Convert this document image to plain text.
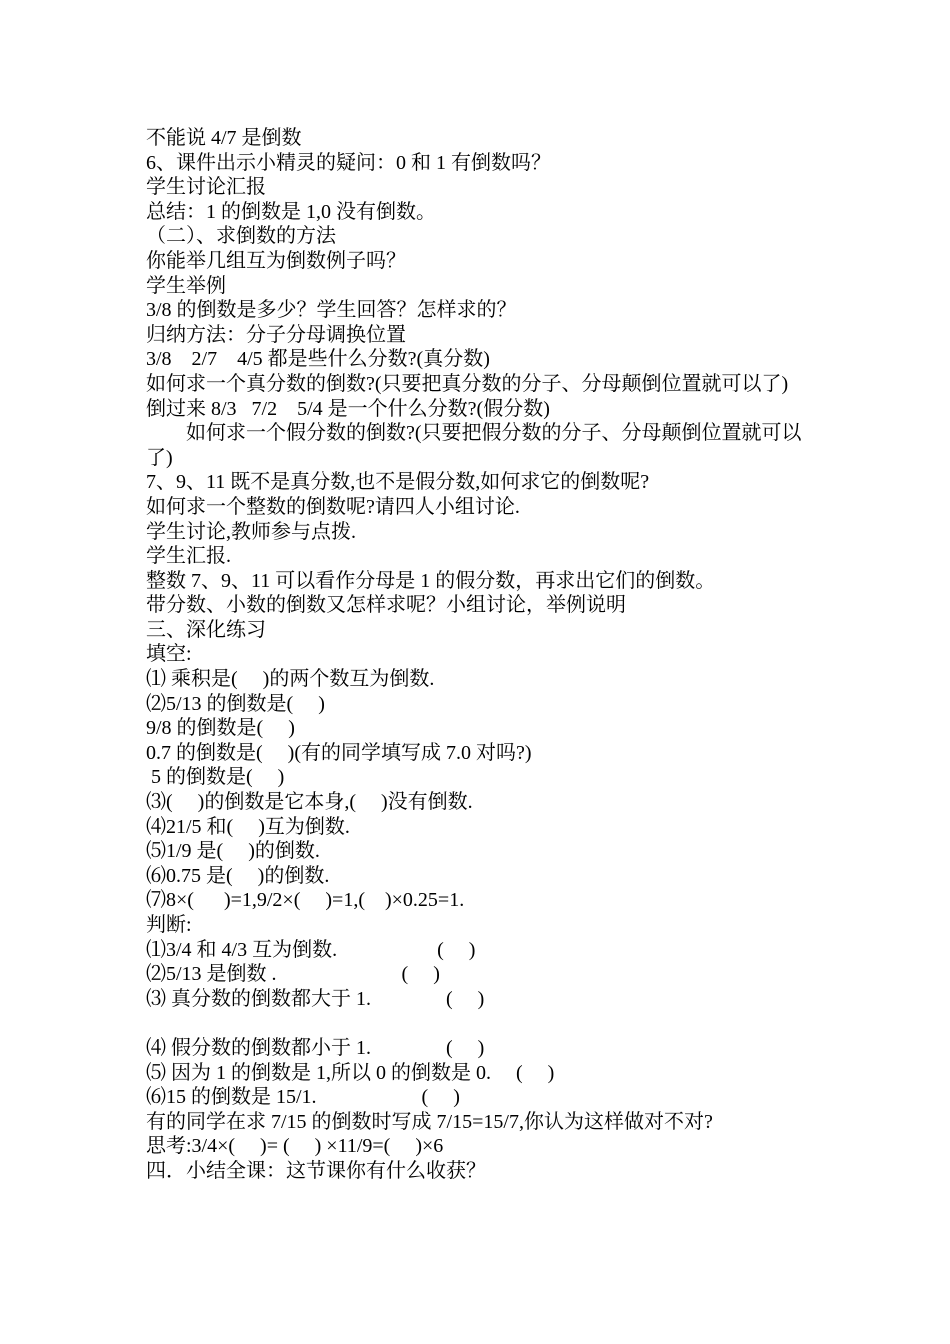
不能说 4/7 是倒数
6、课件出示小精灵的疑问：0 和 1 有倒数吗？
学生讨论汇报
总结：1 的倒数是 1,0 没有倒数。
（二）、求倒数的方法
你能举几组互为倒数例子吗？
学生举例
3/8 的倒数是多少？学生回答？怎样求的？
归纳方法：分子分母调换位置
3/8    2/7    4/5 都是些什么分数?(真分数)
如何求一个真分数的倒数?(只要把真分数的分子、分母颠倒位置就可以了)
倒过来 8/3   7/2    5/4 是一个什么分数?(假分数)
如何求一个假分数的倒数?(只要把假分数的分子、分母颠倒位置就可以了)
7、9、11 既不是真分数,也不是假分数,如何求它的倒数呢?
如何求一个整数的倒数呢?请四人小组讨论.
学生讨论,教师参与点拨.
学生汇报.
整数 7、9、11 可以看作分母是 1 的假分数，再求出它们的倒数。
带分数、小数的倒数又怎样求呢？小组讨论，举例说明
三、深化练习
填空:
⑴ 乘积是(     )的两个数互为倒数.
⑵5/13 的倒数是(     )
9/8 的倒数是(     )
0.7 的倒数是(     )(有的同学填写成 7.0 对吗?)
5 的倒数是(     )
⑶(     )的倒数是它本身,(     )没有倒数.
⑷21/5 和(     )互为倒数.
⑸1/9 是(     )的倒数.
⑹0.75 是(     )的倒数.
⑺8×(      )=1,9/2×(     )=1,(    )×0.25=1.
判断:
⑴3/4 和 4/3 互为倒数.                    (     )
⑵5/13 是倒数 .                         (     )
⑶ 真分数的倒数都大于 1.               (     )
⑷ 假分数的倒数都小于 1.               (     )
⑸ 因为 1 的倒数是 1,所以 0 的倒数是 0.     (     )
⑹15 的倒数是 15/1.                     (     )
有的同学在求 7/15 的倒数时写成 7/15=15/7,你认为这样做对不对?
思考:3/4×(     )= (     ) ×11/9=(     )×6
四．小结全课：这节课你有什么收获？
